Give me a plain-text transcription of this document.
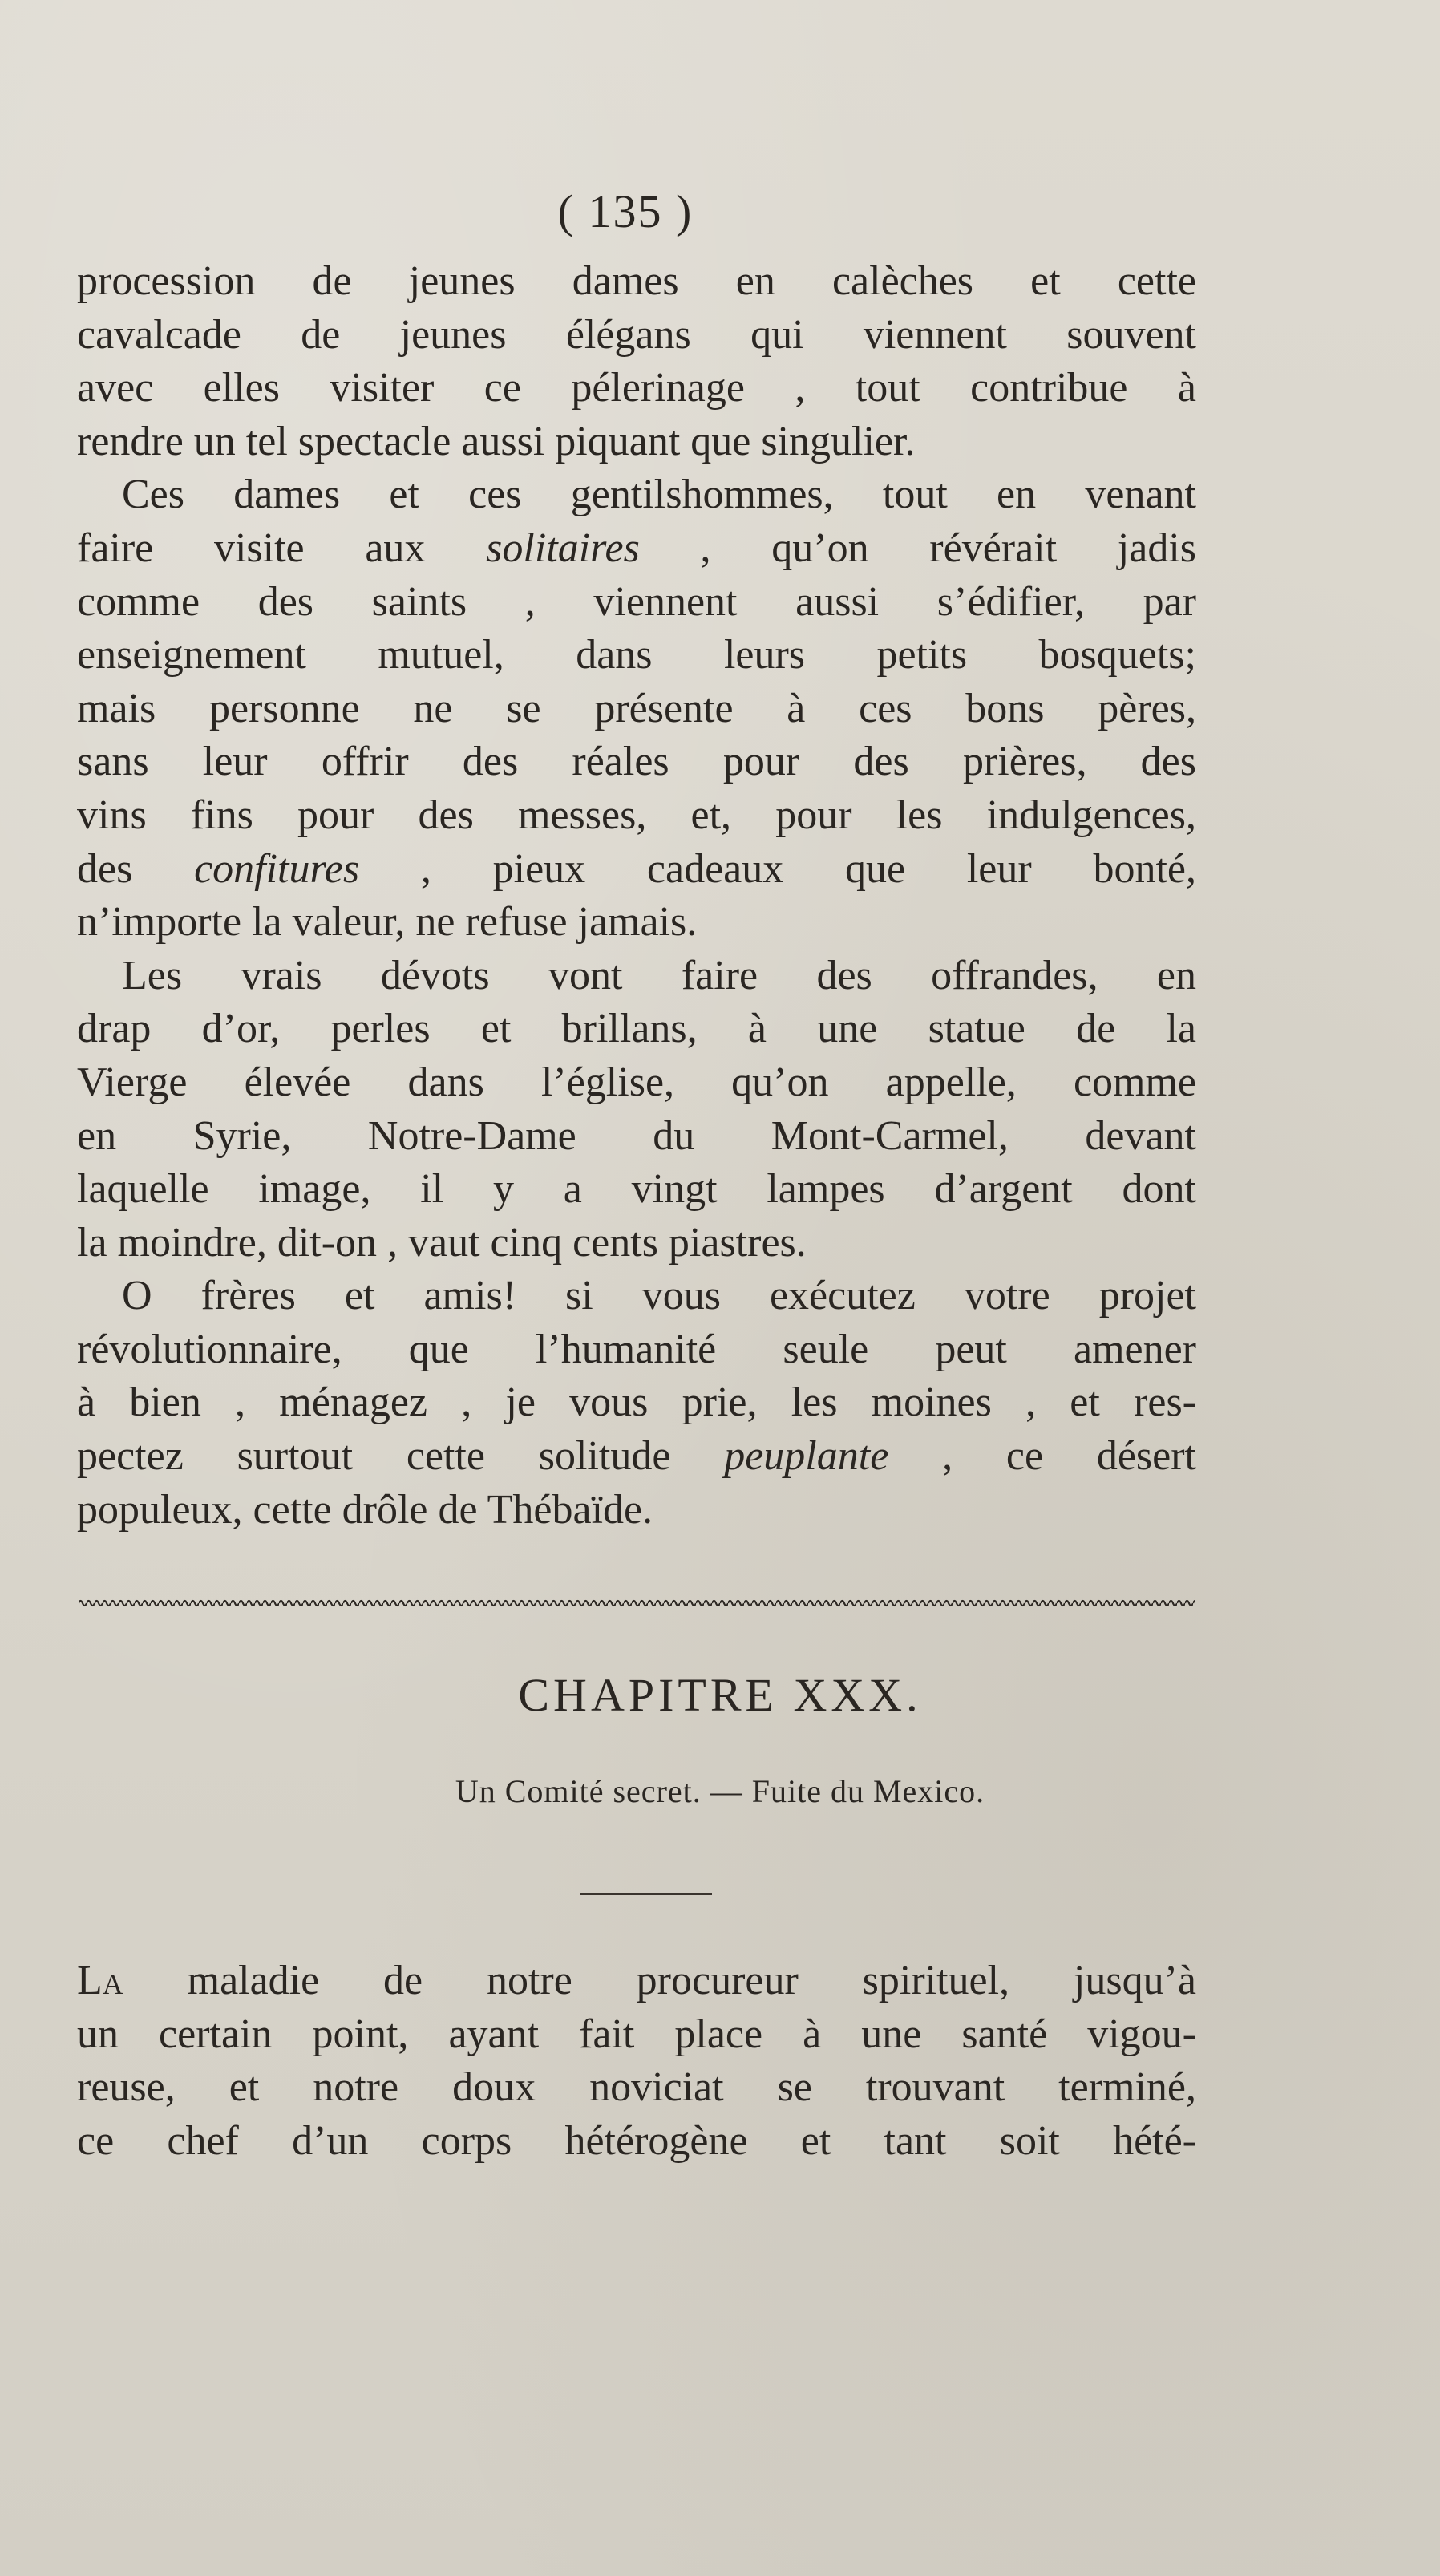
( 135 )
procession de jeunes dames en calèches et cette
cavalcade de jeunes élégans qui viennent souvent
avec elles visiter ce pélerinage , tout contribue à
rendre un tel spectacle aussi piquant que singulier.
Ces dames et ces gentilshommes, tout en venant
faire visite aux solitaires , qu’on révérait jadis
comme des saints , viennent aussi s’édifier, par
enseignement mutuel, dans leurs petits bosquets;
mais personne ne se présente à ces bons pères,
sans leur offrir des réales pour des prières, des
vins fins pour des messes, et, pour les indulgences,
des confitures , pieux cadeaux que leur bonté,
n’importe la valeur, ne refuse jamais.
Les vrais dévots vont faire des offrandes, en
drap d’or, perles et brillans, à une statue de la
Vierge élevée dans l’église, qu’on appelle, comme
en Syrie, Notre-Dame du Mont-Carmel, devant
laquelle image, il y a vingt lampes d’argent dont
la moindre, dit-on , vaut cinq cents piastres.
O frères et amis! si vous exécutez votre projet
révolutionnaire, que l’humanité seule peut amener
à bien , ménagez , je vous prie, les moines , et res-
pectez surtout cette solitude peuplante , ce désert
populeux, cette drôle de Thébaïde.
CHAPITRE XXX.
Un Comité secret. — Fuite du Mexico.
La maladie de notre procureur spirituel, jusqu’à
un certain point, ayant fait place à une santé vigou-
reuse, et notre doux noviciat se trouvant terminé,
ce chef d’un corps hétérogène et tant soit hété-
